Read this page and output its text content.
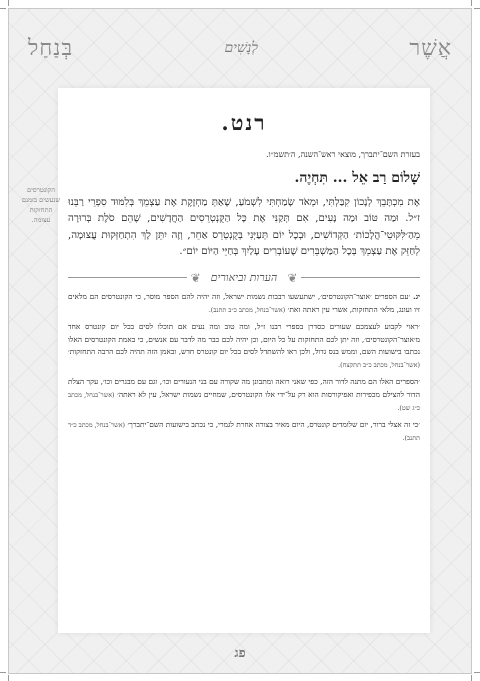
אֲשֶׁר
לְנָשִׁים
בְּנַחַל
רנט.
בעזרת השם־יתברך, מוצאי ראש־השנה, ה׳תשמ״ו.
שָׁלוֹם רַב אֵל ... תִּחְיֶה.
אֶת מִכְתָּבֵךְ לְנָכוֹן קִבַּלְתִּי, וּמְאֹד שָׂמַחְתִּי לִשְׁמֹעַ, שֶׁאַתְּ מַחְזֶקֶת אֶת עַצְמֵךְ בְּלִמּוּד סִפְרֵי רַבֵּנוּ ז״ל. וּמַה טּוֹב וּמַה נָּעִים, אִם תְּקַנִּי אֶת כָּל הַקֻּנְטְרֵסִים הַחֲדָשִׁים, שֶׁהֵם סֹלֶת בְּרוּרָה מֵהַ׳לִּקּוּטֵי־הֲלָכוֹת׳ הַקְּדוֹשִׁים, וּבְכָל יוֹם תְּעַיְּנִי בְּקֻנְטְרֵס אַחֵר, וְזֶה יִתֵּן לָךְ הִתְחַזְּקוּת עֲצוּמָה, לְחַזֵּק אֶת עַצְמֵךְ בְּכָל הַמַּשְׁבֵּרִים שֶׁעוֹבְרִים עָלַיִךְ בְּחַיֵּי הַיּוֹם יוֹם״.
❦
הערות וביאורים
❦

יג. ׳עם הספרים ׳אוצר־הקונטרסים׳, ישתעשעו רבבות נשמות ישראל, וזה יהיה להם הספר מוסר, כי הקונטרסים הם מלאים זיו ועונג, מלאי התחזקות, אשרי עין ראתה זאת׳ (אשר־בנחל, מכתב כ״ב תתנב).

׳ראוי לקבוע לעצמכם שעורים כסדרן בספרי רבנו ז״ל, ומה טוב ומה נעים אם תוכלו לסים בכל יום קונטרס אחד מ׳אוצר־הקונטרסים׳, וזה יתן לכם התחזקות על כל היום, וכן יהיה לכם כבר מה לדבר עם אנשים, כי באמת הקונטרסים האלו נכתבו בישועות השם, וממש בנס גדול, ולכן ראו להשתדל לסים בכל יום קונטרס חדש, ובאמן הזה תהיה לכם הרבה התחזקות׳ (אשר־בנחל, מכתב כ״ב תתקצח).

׳הספרים האלו הם מתנה לדור הזה, כפי שאני רואה ומתבונן מה שקורה עם בני הנעורים וכו׳, וגם עם מבגרים וכו׳, עקר הצלת הדור להצילם מכפירות ואפיקורסות הוא רק על־ידי אלו הקונטרסים, שמחיים נשמות ישראל, עין לא ראתה׳ (אשר־בנחל, מכתב כ״ג שט).

׳כי זה אצלי ברור, יום שלומדים קונטרס, היום מאיר בצורה אחרת לגמרי, כי נכתב בישועות השם־יתברך׳ (אשר־בנחל, מכתב כ״ד תתנב).

הקונטרסים שנעשים בזמנם התחזקות עצומה.
פג
